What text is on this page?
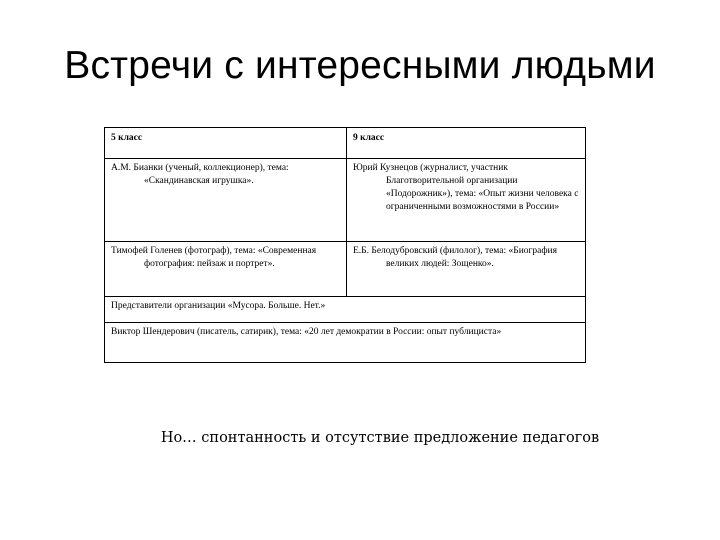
Встречи с интересными людьми
5 класс	9 класс

А.М. Бианки (ученый, коллекционер), тема: «Скандинавская игрушка».	Юрий Кузнецов (журналист, участник Благотворительной организации «Подорожник»), тема: «Опыт жизни человека с ограниченными возможностями в России»

Тимофей Голенев (фотограф), тема: «Современная фотография: пейзаж и портрет».	Е.Б. Белодубровский (филолог), тема: «Биография великих людей: Зощенко».

Представители организации «Мусора. Больше. Нет.»	

Виктор Шендерович (писатель, сатирик), тема: «20 лет демократии в России: опыт публициста»	
Но… спонтанность и отсутствие предложение педагогов
